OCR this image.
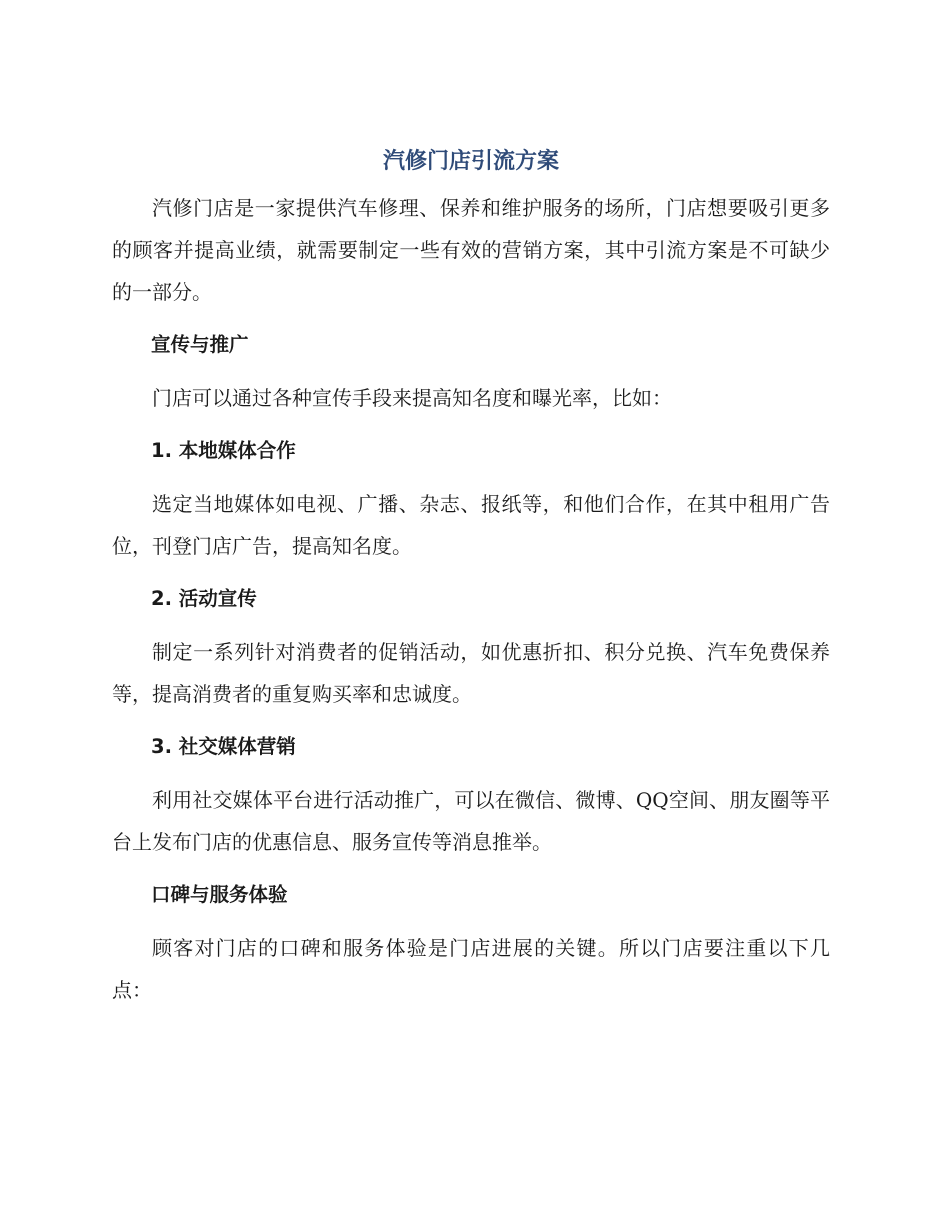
汽修门店引流方案

汽修门店是一家提供汽车修理、保养和维护服务的场所，门店想要吸引更多的顾客并提高业绩，就需要制定一些有效的营销方案，其中引流方案是不可缺少的一部分。

宣传与推广

门店可以通过各种宣传手段来提高知名度和曝光率，比如：

1. 本地媒体合作

选定当地媒体如电视、广播、杂志、报纸等，和他们合作，在其中租用广告位，刊登门店广告，提高知名度。

2. 活动宣传

制定一系列针对消费者的促销活动，如优惠折扣、积分兑换、汽车免费保养等，提高消费者的重复购买率和忠诚度。

3. 社交媒体营销

利用社交媒体平台进行活动推广，可以在微信、微博、QQ空间、朋友圈等平台上发布门店的优惠信息、服务宣传等消息推举。

口碑与服务体验

顾客对门店的口碑和服务体验是门店进展的关键。所以门店要注重以下几点：
